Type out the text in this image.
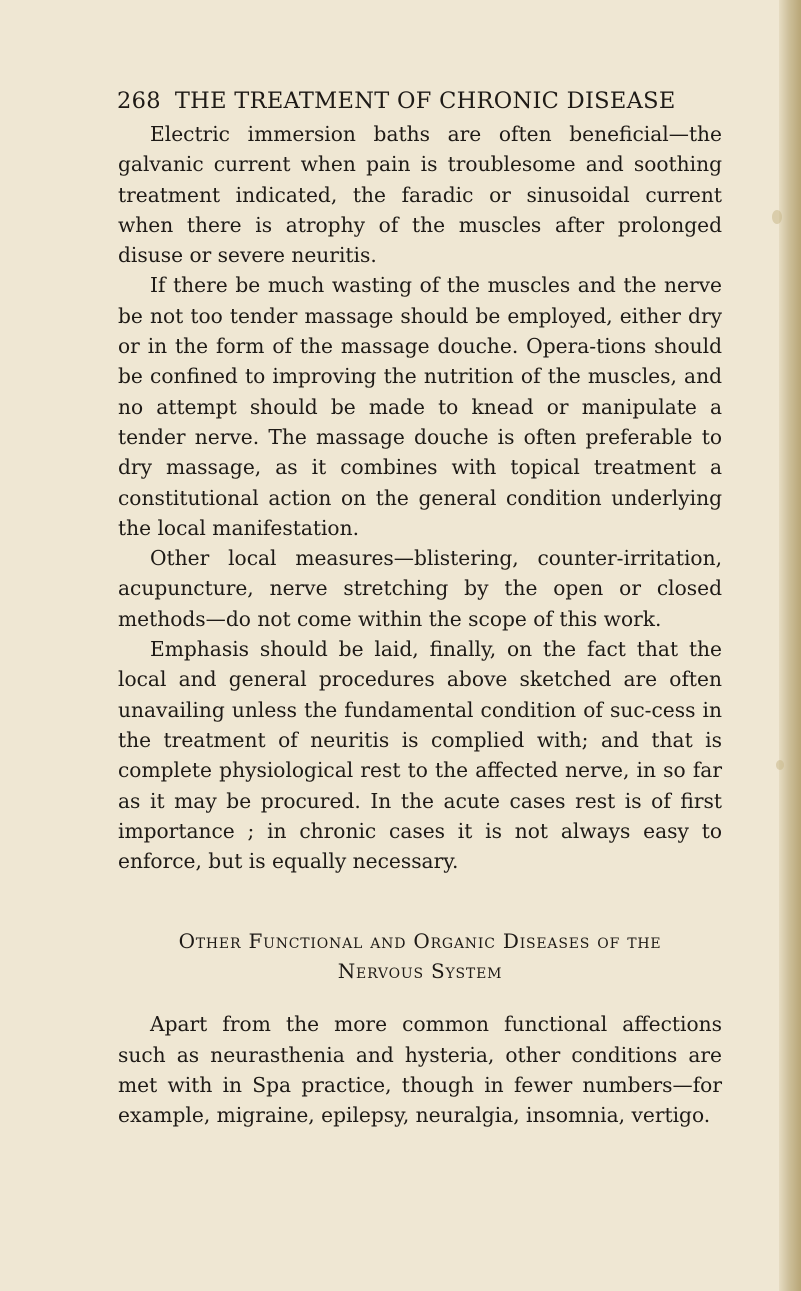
268 THE TREATMENT OF CHRONIC DISEASE

Electric immersion baths are often beneficial—the galvanic current when pain is troublesome and soothing treatment indicated, the faradic or sinusoidal current when there is atrophy of the muscles after prolonged disuse or severe neuritis.

If there be much wasting of the muscles and the nerve be not too tender massage should be employed, either dry or in the form of the massage douche. Opera-tions should be confined to improving the nutrition of the muscles, and no attempt should be made to knead or manipulate a tender nerve. The massage douche is often preferable to dry massage, as it combines with topical treatment a constitutional action on the general condition underlying the local manifestation.

Other local measures—blistering, counter-irritation, acupuncture, nerve stretching by the open or closed methods—do not come within the scope of this work.

Emphasis should be laid, finally, on the fact that the local and general procedures above sketched are often unavailing unless the fundamental condition of suc-cess in the treatment of neuritis is complied with; and that is complete physiological rest to the affected nerve, in so far as it may be procured. In the acute cases rest is of first importance ; in chronic cases it is not always easy to enforce, but is equally necessary.

Other Functional and Organic Diseases of the
Nervous System

Apart from the more common functional affections such as neurasthenia and hysteria, other conditions are met with in Spa practice, though in fewer numbers—for example, migraine, epilepsy, neuralgia, insomnia, vertigo.
